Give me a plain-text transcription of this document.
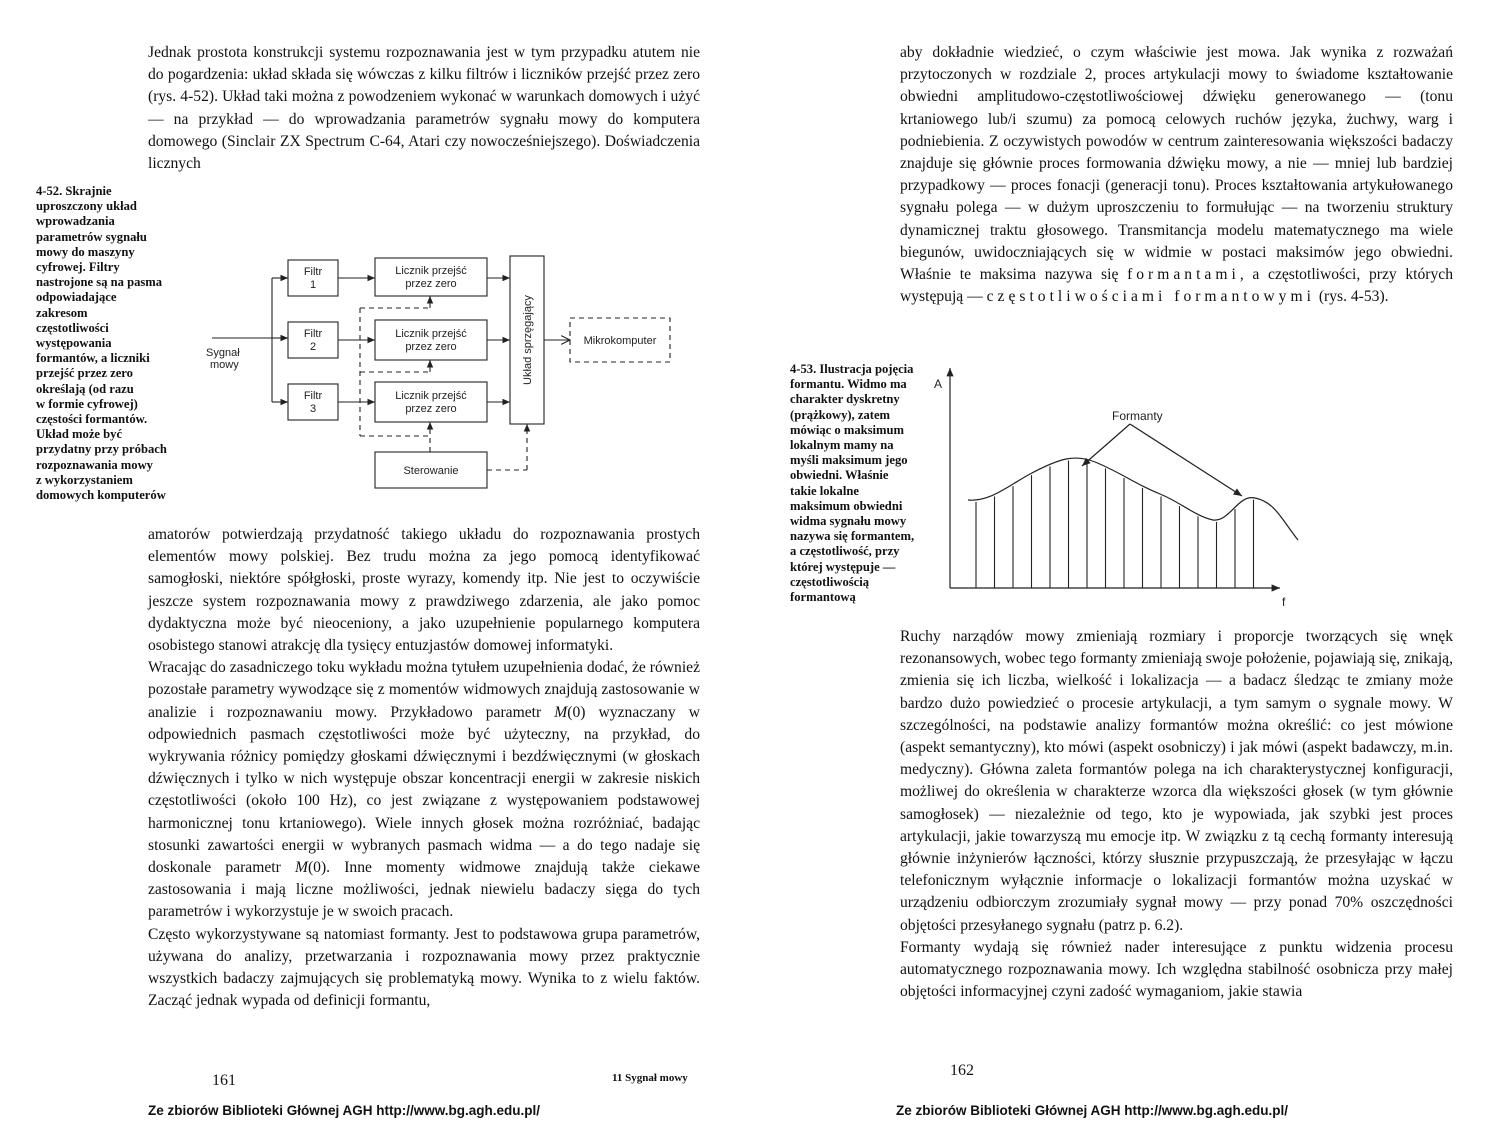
Jednak prostota konstrukcji systemu rozpoznawania jest w tym przypadku atutem nie do pogardzenia: układ składa się wówczas z kilku filtrów i liczników przejść przez zero (rys. 4-52). Układ taki można z powodzeniem wykonać w warunkach domowych i użyć — na przykład — do wprowadzania parametrów sygnału mowy do komputera domowego (Sinclair ZX Spectrum C-64, Atari czy nowocześniejszego). Doświadczenia licznych

4-52. Skrajnie
uproszczony układ
wprowadzania
parametrów sygnału
mowy do maszyny
cyfrowej. Filtry
nastrojone są na pasma
odpowiadające
zakresom
częstotliwości
występowania
formantów, a liczniki
przejść przez zero
określają (od razu
w formie cyfrowej)
częstości formantów.
Układ może być
przydatny przy próbach
rozpoznawania mowy
z wykorzystaniem
domowych komputerów
Sygnał
mowy
Filtr
1
Filtr
2
Filtr
3
Licznik przejść
przez zero
Licznik przejść
przez zero
Licznik przejść
przez zero
Układ sprzęgający	Mikrokomputer
Sterowanie

amatorów potwierdzają przydatność takiego układu do rozpoznawania prostych elementów mowy polskiej. Bez trudu można za jego pomocą identyfikować samogłoski, niektóre spółgłoski, proste wyrazy, komendy itp. Nie jest to oczywiście jeszcze system rozpoznawania mowy z prawdziwego zdarzenia, ale jako pomoc dydaktyczna może być nieoceniony, a jako uzupełnienie popularnego komputera osobistego stanowi atrakcję dla tysięcy entuzjastów domowej informatyki.

Wracając do zasadniczego toku wykładu można tytułem uzupełnienia dodać, że również pozostałe parametry wywodzące się z momentów widmowych znajdują zastosowanie w analizie i rozpoznawaniu mowy. Przykładowo parametr M(0) wyznaczany w odpowiednich pasmach częstotliwości może być użyteczny, na przykład, do wykrywania różnicy pomiędzy głoskami dźwięcznymi i bezdźwięcznymi (w głoskach dźwięcznych i tylko w nich występuje obszar koncentracji energii w zakresie niskich częstotliwości (około 100 Hz), co jest związane z występowaniem podstawowej harmonicznej tonu krtaniowego). Wiele innych głosek można rozróżniać, badając stosunki zawartości energii w wybranych pasmach widma — a do tego nadaje się doskonale parametr M(0). Inne momenty widmowe znajdują także ciekawe zastosowania i mają liczne możliwości, jednak niewielu badaczy sięga do tych parametrów i wykorzystuje je w swoich pracach.

Często wykorzystywane są natomiast formanty. Jest to podstawowa grupa parametrów, używana do analizy, przetwarzania i rozpoznawania mowy przez praktycznie wszystkich badaczy zajmujących się problematyką mowy. Wynika to z wielu faktów. Zacząć jednak wypada od definicji formantu,

161	11 Sygnał mowy
Ze zbiorów Biblioteki Głównej AGH http://www.bg.agh.edu.pl/

aby dokładnie wiedzieć, o czym właściwie jest mowa. Jak wynika z rozważań przytoczonych w rozdziale 2, proces artykulacji mowy to świadome kształtowanie obwiedni amplitudowo-częstotliwościowej dźwięku generowanego — (tonu krtaniowego lub/i szumu) za pomocą celowych ruchów języka, żuchwy, warg i podniebienia. Z oczywistych powodów w centrum zainteresowania większości badaczy znajduje się głównie proces formowania dźwięku mowy, a nie — mniej lub bardziej przypadkowy — proces fonacji (generacji tonu). Proces kształtowania artykułowanego sygnału polega — w dużym uproszczeniu to formułując — na tworzeniu struktury dynamicznej traktu głosowego. Transmitancja modelu matematycznego ma wiele biegunów, uwidoczniających się w widmie w postaci maksimów jego obwiedni. Właśnie te maksima nazywa się formantami, a częstotliwości, przy których występują — częstotliwościami formantowymi (rys. 4-53).

4-53. Ilustracja pojęcia
formantu. Widmo ma
charakter dyskretny
(prążkowy), zatem
mówiąc o maksimum
lokalnym mamy na
myśli maksimum jego
obwiedni. Właśnie
takie lokalne
maksimum obwiedni
widma sygnału mowy
nazywa się formantem,
a częstotliwość, przy
której występuje —
częstotliwością
formantową
A
f
Formanty

Ruchy narządów mowy zmieniają rozmiary i proporcje tworzących się wnęk rezonansowych, wobec tego formanty zmieniają swoje położenie, pojawiają się, znikają, zmienia się ich liczba, wielkość i lokalizacja — a badacz śledząc te zmiany może bardzo dużo powiedzieć o procesie artykulacji, a tym samym o sygnale mowy. W szczególności, na podstawie analizy formantów można określić: co jest mówione (aspekt semantyczny), kto mówi (aspekt osobniczy) i jak mówi (aspekt badawczy, m.in. medyczny). Główna zaleta formantów polega na ich charakterystycznej konfiguracji, możliwej do określenia w charakterze wzorca dla większości głosek (w tym głównie samogłosek) — niezależnie od tego, kto je wypowiada, jak szybki jest proces artykulacji, jakie towarzyszą mu emocje itp. W związku z tą cechą formanty interesują głównie inżynierów łączności, którzy słusznie przypuszczają, że przesyłając w łączu telefonicznym wyłącznie informacje o lokalizacji formantów można uzyskać w urządzeniu odbiorczym zrozumiały sygnał mowy — przy ponad 70% oszczędności objętości przesyłanego sygnału (patrz p. 6.2).

Formanty wydają się również nader interesujące z punktu widzenia procesu automatycznego rozpoznawania mowy. Ich względna stabilność osobnicza przy małej objętości informacyjnej czyni zadość wymaganiom, jakie stawia

162
Ze zbiorów Biblioteki Głównej AGH http://www.bg.agh.edu.pl/
